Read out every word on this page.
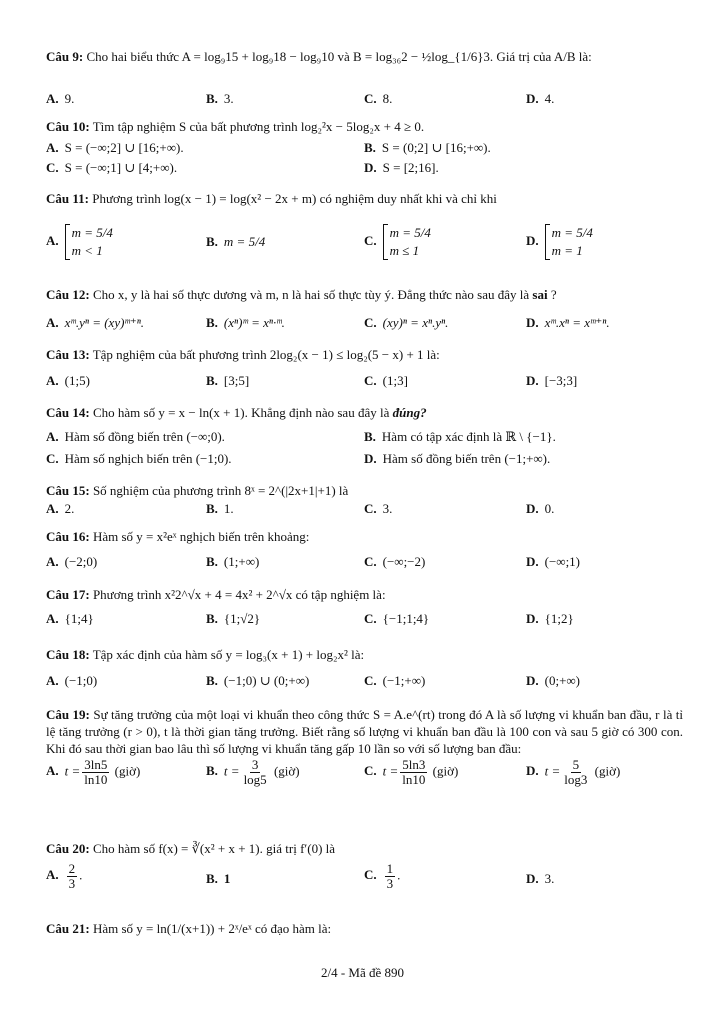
Câu 9: Cho hai biểu thức A = log₉15 + log₉18 − log₉10 và B = log₃₆2 − ½log_{1/6}3. Giá trị của A/B là:
A. 9.	B. 3.	C. 8.	D. 4.
Câu 10: Tìm tập nghiệm S của bất phương trình log₂²x − 5log₂x + 4 ≥ 0.
A. S = (−∞;2] ∪ [16;+∞).	B. S = (0;2] ∪ [16;+∞).
C. S = (−∞;1] ∪ [4;+∞).	D. S = [2;16].
Câu 11: Phương trình log(x − 1) = log(x² − 2x + m) có nghiệm duy nhất khi và chỉ khi
A.
m = 5/4
m < 1
B. m = 5/4	C.
m = 5/4
m ≤ 1
D.
m = 5/4
m = 1
Câu 12: Cho x, y là hai số thực dương và m, n là hai số thực tùy ý. Đẳng thức nào sau đây là sai ?
A. xᵐ.yⁿ = (xy)ᵐ⁺ⁿ.	B. (xⁿ)ᵐ = xⁿ·ᵐ.	C. (xy)ⁿ = xⁿ.yⁿ.	D. xᵐ.xⁿ = xᵐ⁺ⁿ.
Câu 13: Tập nghiệm của bất phương trình 2log₂(x − 1) ≤ log₂(5 − x) + 1 là:
A. (1;5)	B. [3;5]	C. (1;3]	D. [−3;3]
Câu 14: Cho hàm số y = x − ln(x + 1). Khẳng định nào sau đây là đúng?
A. Hàm số đồng biến trên (−∞;0).	B. Hàm có tập xác định là ℝ \ {−1}.
C. Hàm số nghịch biến trên (−1;0).	D. Hàm số đồng biến trên (−1;+∞).
Câu 15: Số nghiệm của phương trình 8ˣ = 2^(|2x+1|+1) là
A. 2.	B. 1.	C. 3.	D. 0.
Câu 16: Hàm số y = x²eˣ nghịch biến trên khoảng:
A. (−2;0)	B. (1;+∞)	C. (−∞;−2)	D. (−∞;1)
Câu 17: Phương trình x²2^√x + 4 = 4x² + 2^√x có tập nghiệm là:
A. {1;4}	B. {1;√2}	C. {−1;1;4}	D. {1;2}
Câu 18: Tập xác định của hàm số y = log₃(x + 1) + log₂x² là:
A. (−1;0)	B. (−1;0) ∪ (0;+∞)	C. (−1;+∞)	D. (0;+∞)
Câu 19: Sự tăng trưởng của một loại vi khuẩn theo công thức S = A.e^(rt) trong đó A là số lượng vi khuẩn ban đầu, r là tỉ lệ tăng trưởng (r > 0), t là thời gian tăng trưởng. Biết rằng số lượng vi khuẩn ban đầu là 100 con và sau 5 giờ có 300 con. Khi đó sau thời gian bao lâu thì số lượng vi khuẩn tăng gấp 10 lần so với số lượng ban đầu:
A. $t = \frac{3\ln 5}{\ln 10}$ (giờ)	B. $t = \frac{3}{\log 5}$ (giờ)	C. $t = \frac{5\ln 3}{\ln 10}$ (giờ)	D. $t = \frac{5}{\log 3}$ (giờ)
Câu 20: Cho hàm số f(x) = ∛(x² + x + 1). giá trị f′(0) là
A. $\frac{2}{3}$ .	B. 1	C. $\frac{1}{3}$ .	D. 3.
Câu 21: Hàm số y = ln(1/(x+1)) + 2ˣ/eˣ có đạo hàm là:
2/4 - Mã đề 890
